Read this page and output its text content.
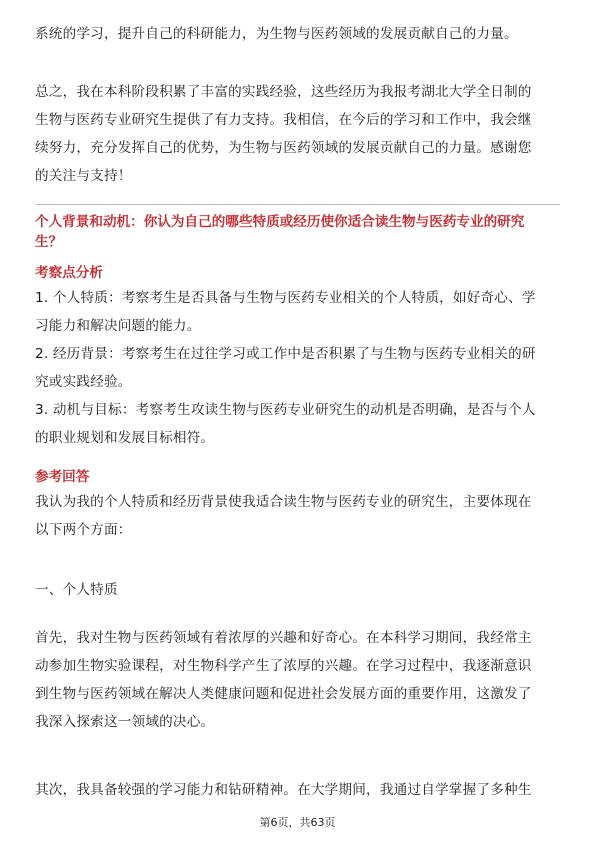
系统的学习，提升自己的科研能力，为生物与医药领域的发展贡献自己的力量。

总之，我在本科阶段积累了丰富的实践经验，这些经历为我报考湖北大学全日制的

生物与医药专业研究生提供了有力支持。我相信，在今后的学习和工作中，我会继

续努力，充分发挥自己的优势，为生物与医药领域的发展贡献自己的力量。感谢您

的关注与支持！

个人背景和动机：你认为自己的哪些特质或经历使你适合读生物与医药专业的研究

生？

考察点分析

1. 个人特质：考察考生是否具备与生物与医药专业相关的个人特质，如好奇心、学

习能力和解决问题的能力。

2. 经历背景：考察考生在过往学习或工作中是否积累了与生物与医药专业相关的研

究或实践经验。

3. 动机与目标：考察考生攻读生物与医药专业研究生的动机是否明确，是否与个人

的职业规划和发展目标相符。

参考回答

我认为我的个人特质和经历背景使我适合读生物与医药专业的研究生，主要体现在

以下两个方面：

一、个人特质

首先，我对生物与医药领域有着浓厚的兴趣和好奇心。在本科学习期间，我经常主

动参加生物实验课程，对生物科学产生了浓厚的兴趣。在学习过程中，我逐渐意识

到生物与医药领域在解决人类健康问题和促进社会发展方面的重要作用，这激发了

我深入探索这一领域的决心。

其次，我具备较强的学习能力和钻研精神。在大学期间，我通过自学掌握了多种生

第6页，共63页
